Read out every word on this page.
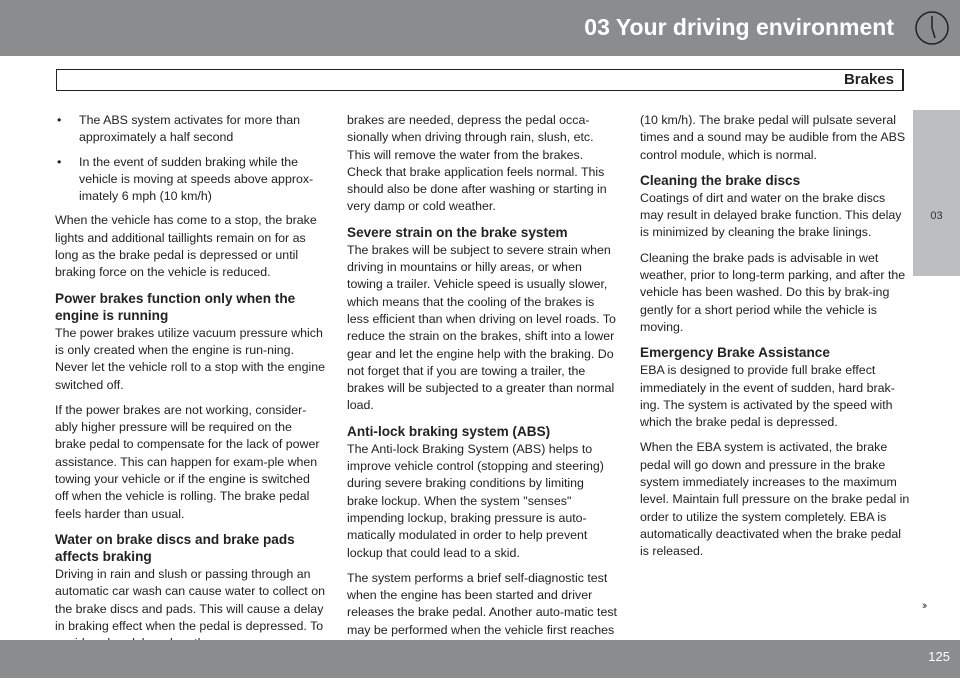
03 Your driving environment
Brakes
03
•	The ABS system activates for more than approximately a half second
•	In the event of sudden braking while the vehicle is moving at speeds above approx-imately 6 mph (10 km/h)

When the vehicle has come to a stop, the brake lights and additional taillights remain on for as long as the brake pedal is depressed or until braking force on the vehicle is reduced.

Power brakes function only when the engine is running

The power brakes utilize vacuum pressure which is only created when the engine is run-ning. Never let the vehicle roll to a stop with the engine switched off.

If the power brakes are not working, consider-ably higher pressure will be required on the brake pedal to compensate for the lack of power assistance. This can happen for exam-ple when towing your vehicle or if the engine is switched off when the vehicle is rolling. The brake pedal feels harder than usual.

Water on brake discs and brake pads affects braking

Driving in rain and slush or passing through an automatic car wash can cause water to collect on the brake discs and pads. This will cause a delay in braking effect when the pedal is depressed. To

brakes are needed, depress the pedal occa-sionally when driving through rain, slush, etc. This will remove the water from the brakes. Check that brake application feels normal. This should also be done after washing or starting in very damp or cold weather.

Severe strain on the brake system

The brakes will be subject to severe strain when driving in mountains or hilly areas, or when towing a trailer. Vehicle speed is usually slower, which means that the cooling of the brakes is less efficient than when driving on level roads. To reduce the strain on the brakes, shift into a lower gear and let the engine help with the braking. Do not forget that if you are towing a trailer, the brakes will be subjected to a greater than normal load.

Anti-lock braking system (ABS)

The Anti-lock Braking System (ABS) helps to improve vehicle control (stopping and steering) during severe braking conditions by limiting brake lockup. When the system "senses" impending lockup, braking pressure is auto-matically modulated in order to help prevent lockup that could lead to a skid.

The system performs a brief self-diagnostic test when the engine has been started and driver releases the brake pedal. Another auto-matic test may be performed when the vehicle first reaches

(10 km/h). The brake pedal will pulsate several times and a sound may be audible from the ABS control module, which is normal.

Cleaning the brake discs

Coatings of dirt and water on the brake discs may result in delayed brake function. This delay is minimized by cleaning the brake linings.

Cleaning the brake pads is advisable in wet weather, prior to long-term parking, and after the vehicle has been washed. Do this by brak-ing gently for a short period while the vehicle is moving.

Emergency Brake Assistance

EBA is designed to provide full brake effect immediately in the event of sudden, hard brak-ing. The system is activated by the speed with which the brake pedal is depressed.

When the EBA system is activated, the brake pedal will go down and pressure in the brake system immediately increases to the maximum level. Maintain full pressure on the brake pedal in order to utilize the system completely. EBA is automatically deactivated when the brake pedal is released.

››
125
